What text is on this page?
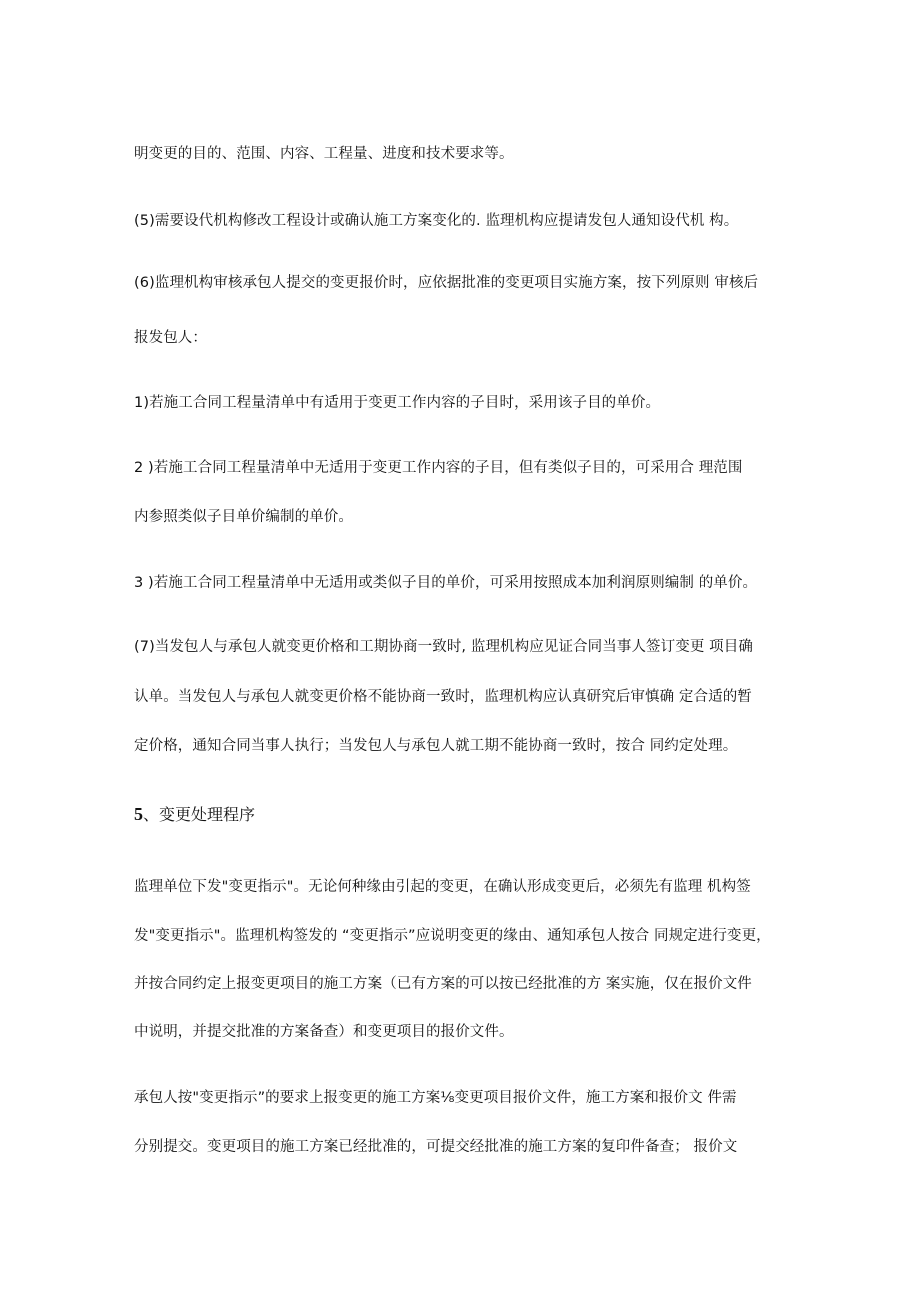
明变更的目的、范围、内容、工程量、进度和技术要求等。
(5)需要设代机构修改工程设计或确认施工方案变化的. 监理机构应提请发包人通知设代机 构。
(6)监理机构审核承包人提交的变更报价时，应依据批准的变更项目实施方案，按下列原则 审核后
报发包人：
1)若施工合同工程量清单中有适用于变更工作内容的子目时，采用该子目的单价。
2 )若施工合同工程量清单中无适用于变更工作内容的子目，但有类似子目的，可采用合 理范围
内参照类似子目单价编制的单价。
3 )若施工合同工程量清单中无适用或类似子目的单价，可采用按照成本加利润原则编制 的单价。
(7)当发包人与承包人就变更价格和工期协商一致时, 监理机构应见证合同当事人签订变更 项目确
认单。当发包人与承包人就变更价格不能协商一致时，监理机构应认真研究后审慎确 定合适的暂
定价格，通知合同当事人执行；当发包人与承包人就工期不能协商一致时，按合 同约定处理。
5、变更处理程序
监理单位下发"变更指示"。无论何种缘由引起的变更，在确认形成变更后，必须先有监理 机构签
发"变更指示"。监理机构签发的 “变更指示”应说明变更的缘由、通知承包人按合 同规定进行变更，
并按合同约定上报变更项目的施工方案（已有方案的可以按已经批准的方 案实施，仅在报价文件
中说明，并提交批准的方案备查）和变更项目的报价文件。
承包人按"变更指示”的要求上报变更的施工方案⅛变更项目报价文件，施工方案和报价文 件需
分别提交。变更项目的施工方案已经批准的，可提交经批准的施工方案的复印件备查； 报价文
